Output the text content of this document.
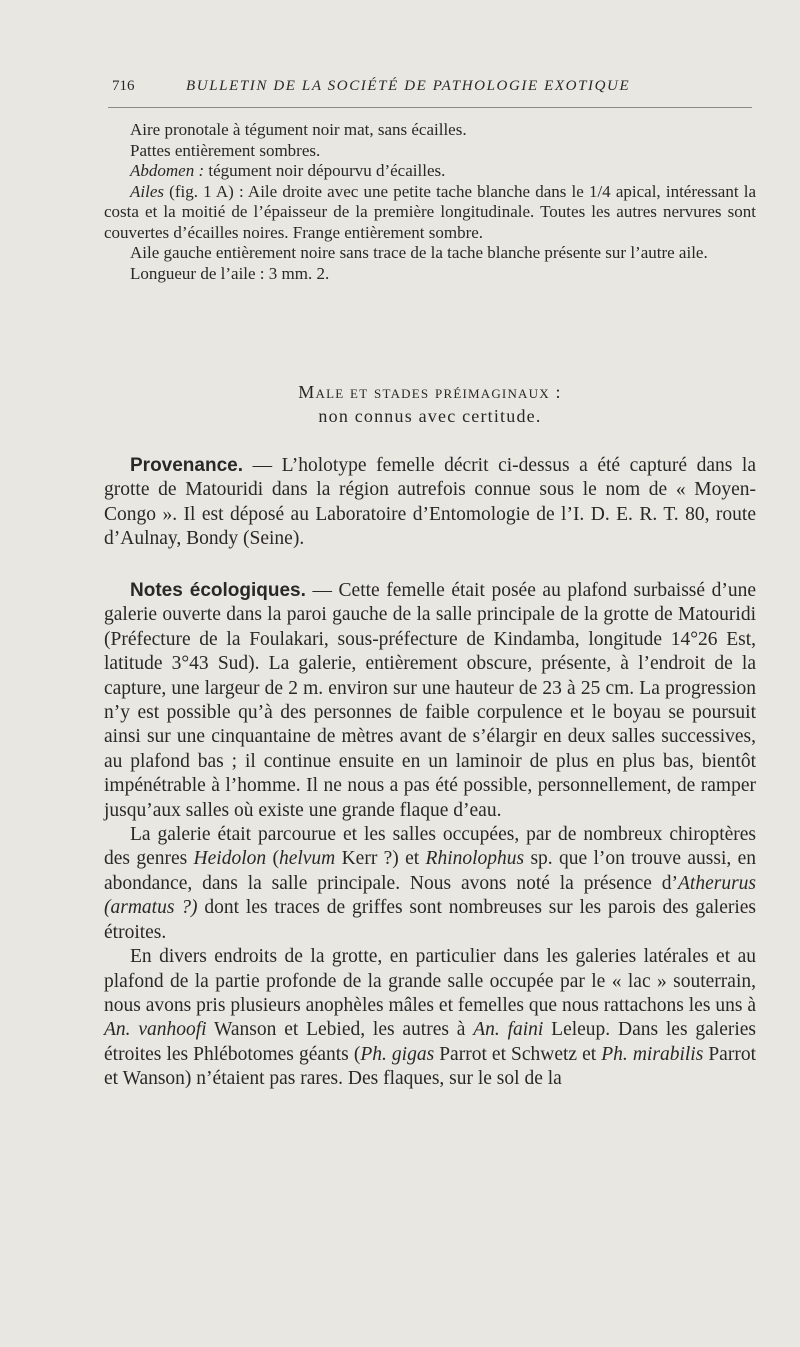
716	BULLETIN DE LA SOCIÉTÉ DE PATHOLOGIE EXOTIQUE

Aire pronotale à tégument noir mat, sans écailles.

Pattes entièrement sombres.

Abdomen : tégument noir dépourvu d’écailles.

Ailes (fig. 1 A) : Aile droite avec une petite tache blanche dans le 1/4 apical, intéressant la costa et la moitié de l’épaisseur de la première longitudinale. Toutes les autres nervures sont couvertes d’écailles noires. Frange entièrement sombre.

Aile gauche entièrement noire sans trace de la tache blanche présente sur l’autre aile.

Longueur de l’aile : 3 mm. 2.

Male et stades préimaginaux :
non connus avec certitude.

Provenance. — L’holotype femelle décrit ci-dessus a été capturé dans la grotte de Matouridi dans la région autrefois connue sous le nom de « Moyen-Congo ». Il est déposé au Laboratoire d’Entomologie de l’I. D. E. R. T. 80, route d’Aulnay, Bondy (Seine).

Notes écologiques. — Cette femelle était posée au plafond surbaissé d’une galerie ouverte dans la paroi gauche de la salle principale de la grotte de Matouridi (Préfecture de la Foulakari, sous-préfecture de Kindamba, longitude 14°26 Est, latitude 3°43 Sud). La galerie, entièrement obscure, présente, à l’endroit de la capture, une largeur de 2 m. environ sur une hauteur de 23 à 25 cm. La progression n’y est possible qu’à des personnes de faible corpulence et le boyau se poursuit ainsi sur une cinquantaine de mètres avant de s’élargir en deux salles successives, au plafond bas ; il continue ensuite en un laminoir de plus en plus bas, bientôt impénétrable à l’homme. Il ne nous a pas été possible, personnellement, de ramper jusqu’aux salles où existe une grande flaque d’eau.

La galerie était parcourue et les salles occupées, par de nombreux chiroptères des genres Heidolon (helvum Kerr ?) et Rhinolophus sp. que l’on trouve aussi, en abondance, dans la salle principale. Nous avons noté la présence d’Atherurus (armatus ?) dont les traces de griffes sont nombreuses sur les parois des galeries étroites.

En divers endroits de la grotte, en particulier dans les galeries latérales et au plafond de la partie profonde de la grande salle occupée par le « lac » souterrain, nous avons pris plusieurs anophèles mâles et femelles que nous rattachons les uns à An. vanhoofi Wanson et Lebied, les autres à An. faini Leleup. Dans les galeries étroites les Phlébotomes géants (Ph. gigas Parrot et Schwetz et Ph. mirabilis Parrot et Wanson) n’étaient pas rares. Des flaques, sur le sol de la
